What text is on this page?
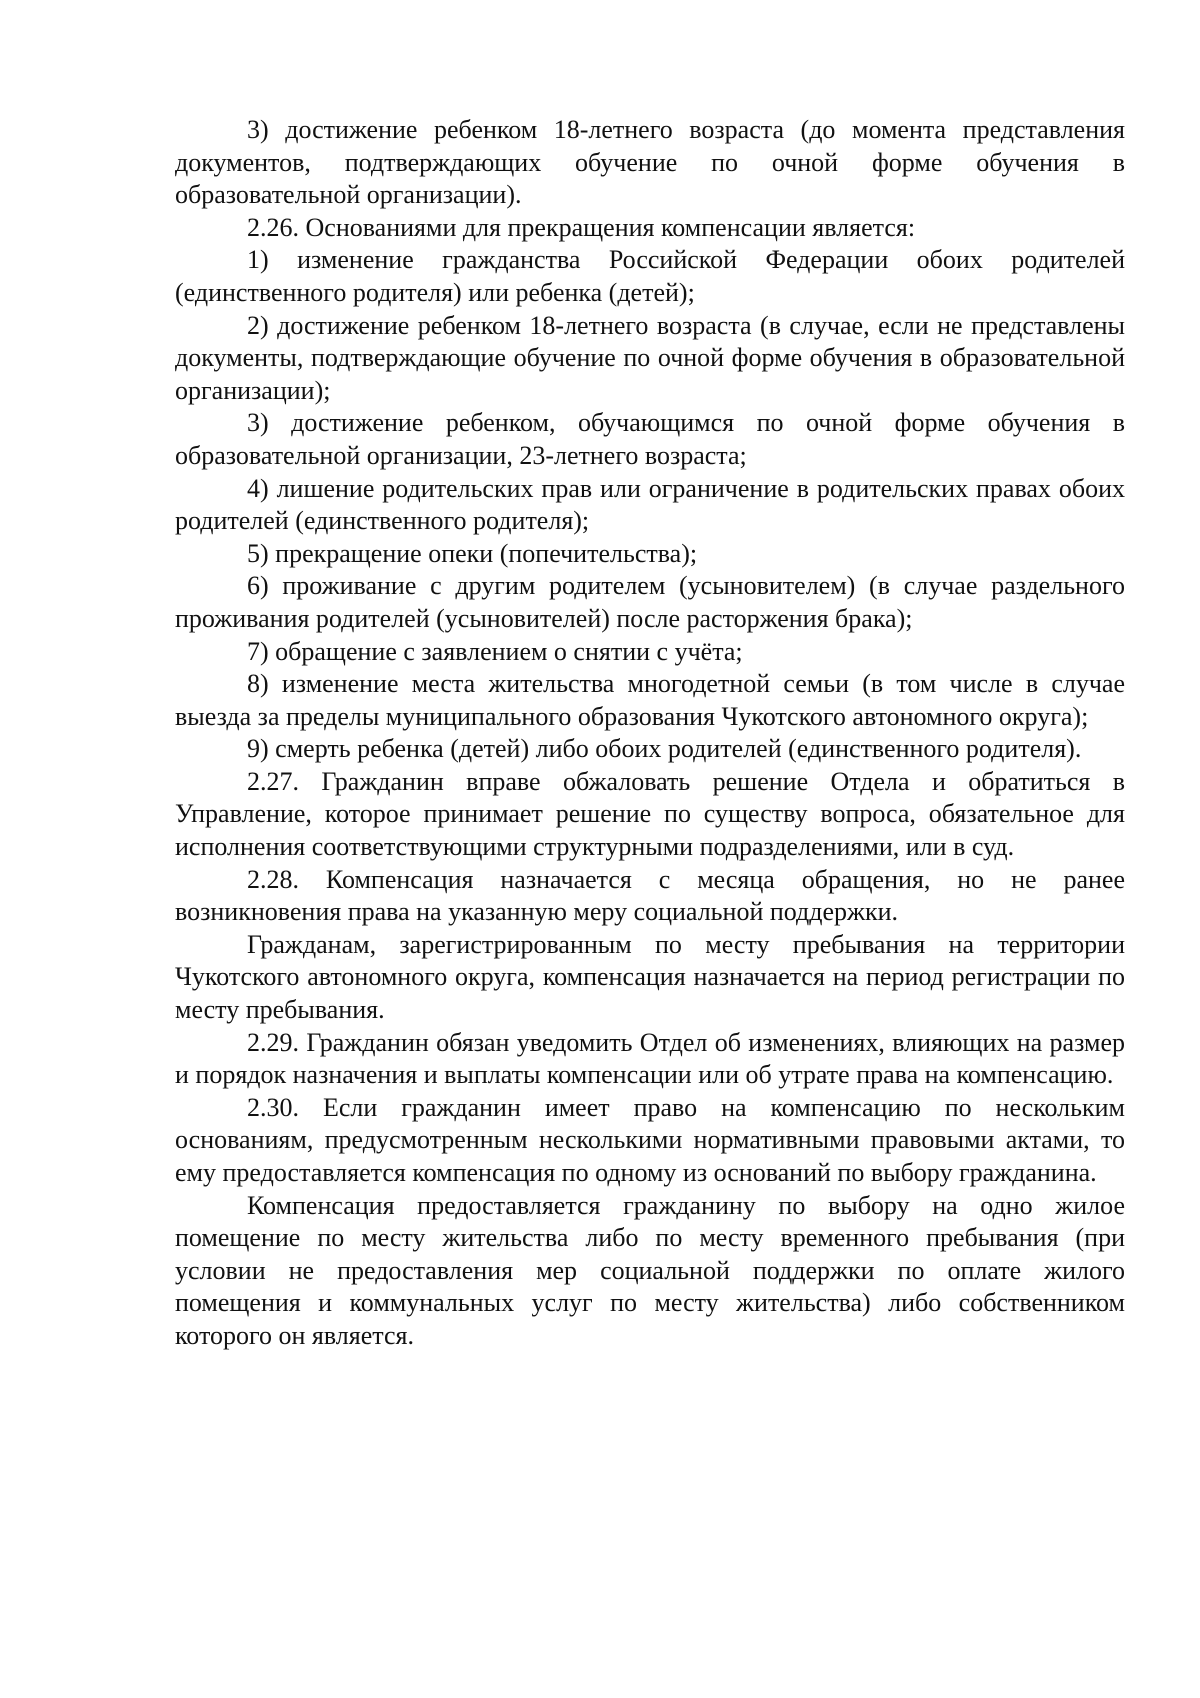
3) достижение ребенком 18-летнего возраста (до момента представления документов, подтверждающих обучение по очной форме обучения в образовательной организации).

2.26. Основаниями для прекращения компенсации является:

1) изменение гражданства Российской Федерации обоих родителей (единственного родителя) или ребенка (детей);

2) достижение ребенком 18-летнего возраста (в случае, если не представлены документы, подтверждающие обучение по очной форме обучения в образовательной организации);

3) достижение ребенком, обучающимся по очной форме обучения в образовательной организации, 23-летнего возраста;

4) лишение родительских прав или ограничение в родительских правах обоих родителей (единственного родителя);

5) прекращение опеки (попечительства);

6) проживание с другим родителем (усыновителем) (в случае раздельного проживания родителей (усыновителей) после расторжения брака);

7) обращение с заявлением о снятии с учёта;

8) изменение места жительства многодетной семьи (в том числе в случае выезда за пределы муниципального образования Чукотского автономного округа);

9) смерть ребенка (детей) либо обоих родителей (единственного родителя).

2.27. Гражданин вправе обжаловать решение Отдела и обратиться в Управление, которое принимает решение по существу вопроса, обязательное для исполнения соответствующими структурными подразделениями, или в суд.

2.28. Компенсация назначается с месяца обращения, но не ранее возникновения права на указанную меру социальной поддержки.

Гражданам, зарегистрированным по месту пребывания на территории Чукотского автономного округа, компенсация назначается на период регистрации по месту пребывания.

2.29. Гражданин обязан уведомить Отдел об изменениях, влияющих на размер и порядок назначения и выплаты компенсации или об утрате права на компенсацию.

2.30. Если гражданин имеет право на компенсацию по нескольким основаниям, предусмотренным несколькими нормативными правовыми актами, то ему предоставляется компенсация по одному из оснований по выбору гражданина.

Компенсация предоставляется гражданину по выбору на одно жилое помещение по месту жительства либо по месту временного пребывания (при условии не предоставления мер социальной поддержки по оплате жилого помещения и коммунальных услуг по месту жительства) либо собственником которого он является.
